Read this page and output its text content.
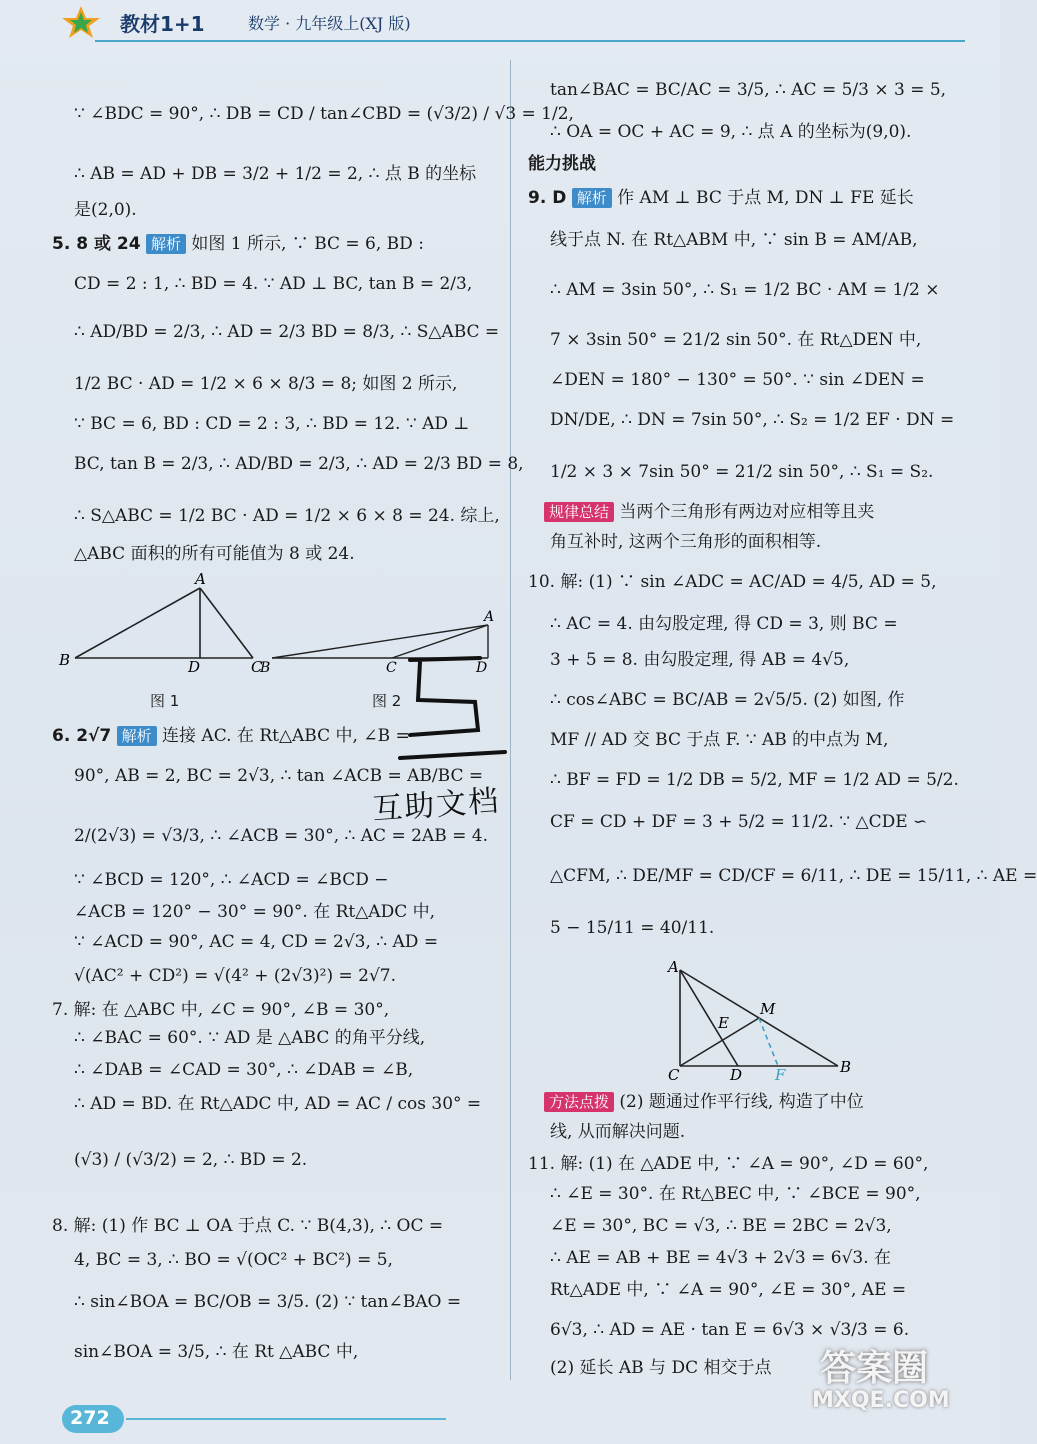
教材1+1	数学 · 九年级上(XJ 版)
∵ ∠BDC = 90°, ∴ DB = CD / tan∠CBD = (√3/2) / √3 = 1/2,
∴ AB = AD + DB = 3/2 + 1/2 = 2, ∴ 点 B 的坐标
是(2,0).
5. 8 或 24 解析 如图 1 所示, ∵ BC = 6, BD :
CD = 2 : 1, ∴ BD = 4. ∵ AD ⊥ BC, tan B = 2/3,
∴ AD/BD = 2/3, ∴ AD = 2/3 BD = 8/3, ∴ S△ABC =
1/2 BC · AD = 1/2 × 6 × 8/3 = 8; 如图 2 所示,
∵ BC = 6, BD : CD = 2 : 3, ∴ BD = 12. ∵ AD ⊥
BC, tan B = 2/3, ∴ AD/BD = 2/3, ∴ AD = 2/3 BD = 8,
∴ S△ABC = 1/2 BC · AD = 1/2 × 6 × 8 = 24. 综上,
△ABC 面积的所有可能值为 8 或 24.
A
B	D	C
图 1
A
B	C	D
图 2
6. 2√7 解析 连接 AC. 在 Rt△ABC 中, ∠B =
90°, AB = 2, BC = 2√3, ∴ tan ∠ACB = AB/BC =
2/(2√3) = √3/3, ∴ ∠ACB = 30°, ∴ AC = 2AB = 4.
∵ ∠BCD = 120°, ∴ ∠ACD = ∠BCD −
∠ACB = 120° − 30° = 90°. 在 Rt△ADC 中,
∵ ∠ACD = 90°, AC = 4, CD = 2√3, ∴ AD =
√(AC² + CD²) = √(4² + (2√3)²) = 2√7.
7. 解: 在 △ABC 中, ∠C = 90°, ∠B = 30°,
∴ ∠BAC = 60°. ∵ AD 是 △ABC 的角平分线,
∴ ∠DAB = ∠CAD = 30°, ∴ ∠DAB = ∠B,
∴ AD = BD. 在 Rt△ADC 中, AD = AC / cos 30° =
(√3) / (√3/2) = 2, ∴ BD = 2.
8. 解: (1) 作 BC ⊥ OA 于点 C. ∵ B(4,3), ∴ OC =
4, BC = 3, ∴ BO = √(OC² + BC²) = 5,
∴ sin∠BOA = BC/OB = 3/5. (2) ∵ tan∠BAO =
sin∠BOA = 3/5, ∴ 在 Rt △ABC 中,
tan∠BAC = BC/AC = 3/5, ∴ AC = 5/3 × 3 = 5,
∴ OA = OC + AC = 9, ∴ 点 A 的坐标为(9,0).
能力挑战
9. D 解析 作 AM ⊥ BC 于点 M, DN ⊥ FE 延长
线于点 N. 在 Rt△ABM 中, ∵ sin B = AM/AB,
∴ AM = 3sin 50°, ∴ S₁ = 1/2 BC · AM = 1/2 ×
7 × 3sin 50° = 21/2 sin 50°. 在 Rt△DEN 中,
∠DEN = 180° − 130° = 50°. ∵ sin ∠DEN =
DN/DE, ∴ DN = 7sin 50°, ∴ S₂ = 1/2 EF · DN =
1/2 × 3 × 7sin 50° = 21/2 sin 50°, ∴ S₁ = S₂.
规律总结 当两个三角形有两边对应相等且夹
角互补时, 这两个三角形的面积相等.
10. 解: (1) ∵ sin ∠ADC = AC/AD = 4/5, AD = 5,
∴ AC = 4. 由勾股定理, 得 CD = 3, 则 BC =
3 + 5 = 8. 由勾股定理, 得 AB = 4√5,
∴ cos∠ABC = BC/AB = 2√5/5. (2) 如图, 作
MF // AD 交 BC 于点 F. ∵ AB 的中点为 M,
∴ BF = FD = 1/2 DB = 5/2, MF = 1/2 AD = 5/2.
CF = CD + DF = 3 + 5/2 = 11/2. ∵ △CDE ∽
△CFM, ∴ DE/MF = CD/CF = 6/11, ∴ DE = 15/11, ∴ AE =
5 − 15/11 = 40/11.
方法点拨 (2) 题通过作平行线, 构造了中位
线, 从而解决问题.
11. 解: (1) 在 △ADE 中, ∵ ∠A = 90°, ∠D = 60°,
∴ ∠E = 30°. 在 Rt△BEC 中, ∵ ∠BCE = 90°,
∠E = 30°, BC = √3, ∴ BE = 2BC = 2√3,
∴ AE = AB + BE = 4√3 + 2√3 = 6√3. 在
Rt△ADE 中, ∵ ∠A = 90°, ∠E = 30°, AE =
6√3, ∴ AD = AE · tan E = 6√3 × √3/3 = 6.
(2) 延长 AB 与 DC 相交于点
A
C	D F	B
E
M
互助文档
272
答案圈
MXQE.COM
